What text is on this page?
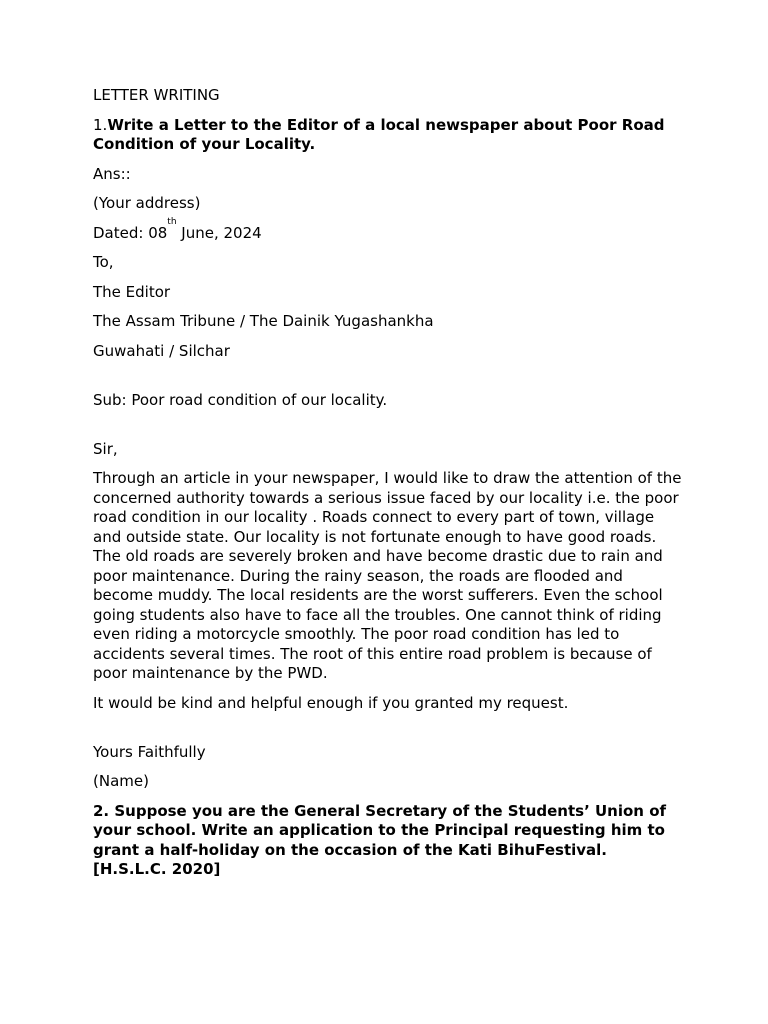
LETTER WRITING

1.Write a Letter to the Editor of a local newspaper about Poor Road Condition of your Locality.

Ans::

(Your address)

Dated: 08th June, 2024

To,

The Editor

The Assam Tribune / The Dainik Yugashankha

Guwahati / Silchar

Sub: Poor road condition of our locality.

Sir,

Through an article in your newspaper, I would like to draw the attention of the concerned authority towards a serious issue faced by our locality i.e. the poor road condition in our locality . Roads connect to every part of town, village and outside state. Our locality is not fortunate enough to have good roads. The old roads are severely broken and have become drastic due to rain and poor maintenance. During the rainy season, the roads are flooded and become muddy. The local residents are the worst sufferers. Even the school going students also have to face all the troubles. One cannot think of riding even riding a motorcycle smoothly. The poor road condition has led to accidents several times. The root of this entire road problem is because of poor maintenance by the PWD.

It would be kind and helpful enough if you granted my request.

Yours Faithfully

(Name)

2. Suppose you are the General Secretary of the Students’ Union of your school. Write an application to the Principal requesting him to grant a half-holiday on the occasion of the Kati BihuFestival. [H.S.L.C. 2020]
